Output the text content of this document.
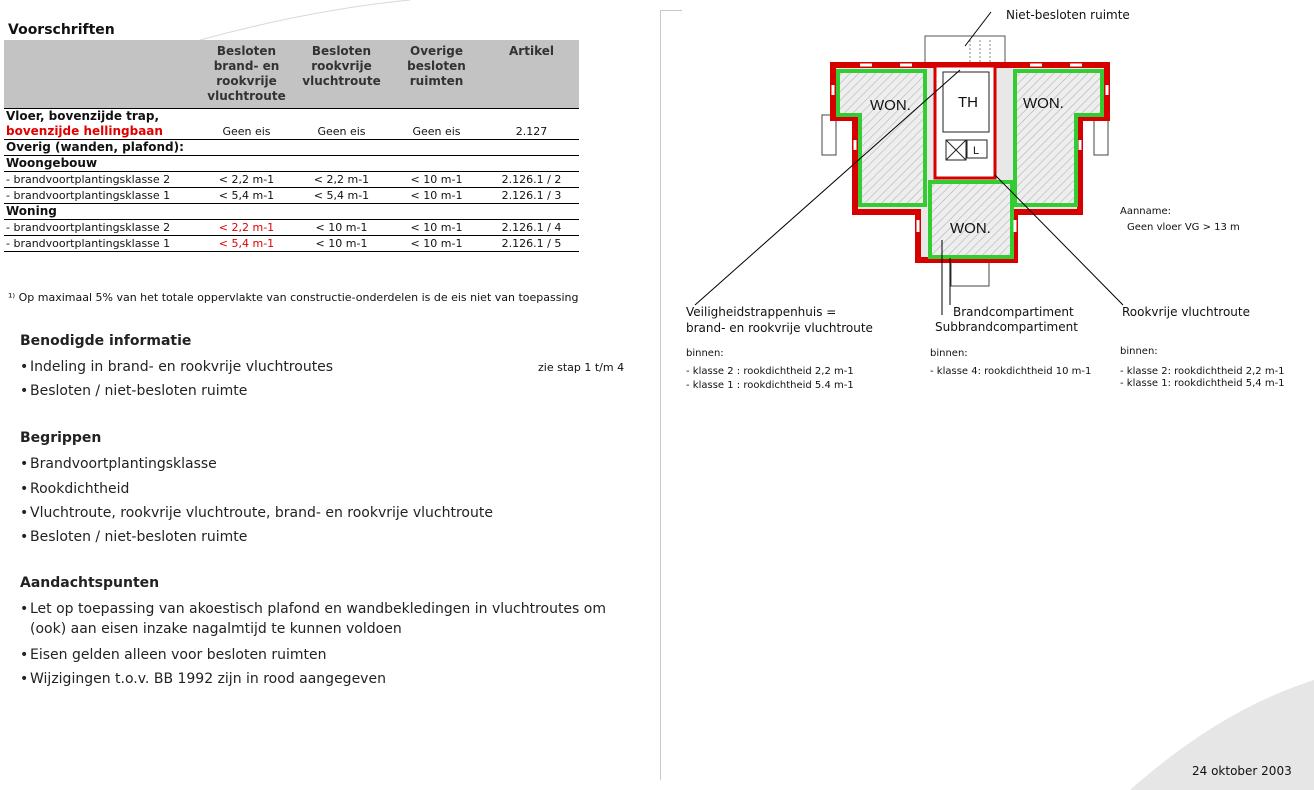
Voorschriften
	Besloten brand- en rookvrije vluchtroute	Besloten rookvrije vluchtroute	Overige besloten ruimten	Artikel
Vloer, bovenzijde trap,				
bovenzijde hellingbaan	Geen eis	Geen eis	Geen eis	2.127
Overig (wanden, plafond):				
Woongebouw				
- brandvoortplantingsklasse 2	< 2,2 m-1	< 2,2 m-1	< 10 m-1	2.126.1 / 2
- brandvoortplantingsklasse 1	< 5,4 m-1	< 5,4 m-1	< 10 m-1	2.126.1 / 3
Woning				
- brandvoortplantingsklasse 2	< 2,2 m-1	< 10 m-1	< 10 m-1	2.126.1 / 4
- brandvoortplantingsklasse 1	< 5,4 m-1	< 10 m-1	< 10 m-1	2.126.1 / 5
¹⁾ Op maximaal 5% van het totale oppervlakte van constructie-onderdelen is de eis niet van toepassing
Benodigde informatie
• Indeling in brand- en rookvrije vluchtroutes	zie stap 1 t/m 4
• Besloten / niet-besloten ruimte
Begrippen
• Brandvoortplantingsklasse
• Rookdichtheid
• Vluchtroute, rookvrije vluchtroute, brand- en rookvrije vluchtroute
• Besloten / niet-besloten ruimte
Aandachtspunten
• Let op toepassing van akoestisch plafond en wandbekledingen in vluchtroutes om
(ook) aan eisen inzake nagalmtijd te kunnen voldoen
• Eisen gelden alleen voor besloten ruimten
• Wijzigingen t.o.v. BB 1992 zijn in rood aangegeven
WON.	WON.
WON.
TH
L
Niet-besloten ruimte
Aanname:
Geen vloer VG > 13 m
Veiligheidstrappenhuis =
brand- en rookvrije vluchtroute
Brandcompartiment
Subbrandcompartiment
Rookvrije vluchtroute
binnen:
- klasse 2 : rookdichtheid 2,2 m-1
- klasse 1 : rookdichtheid 5.4 m-1
binnen:
- klasse 4: rookdichtheid 10 m-1
binnen:
- klasse 2: rookdichtheid 2,2 m-1
- klasse 1: rookdichtheid 5,4 m-1
24 oktober 2003
